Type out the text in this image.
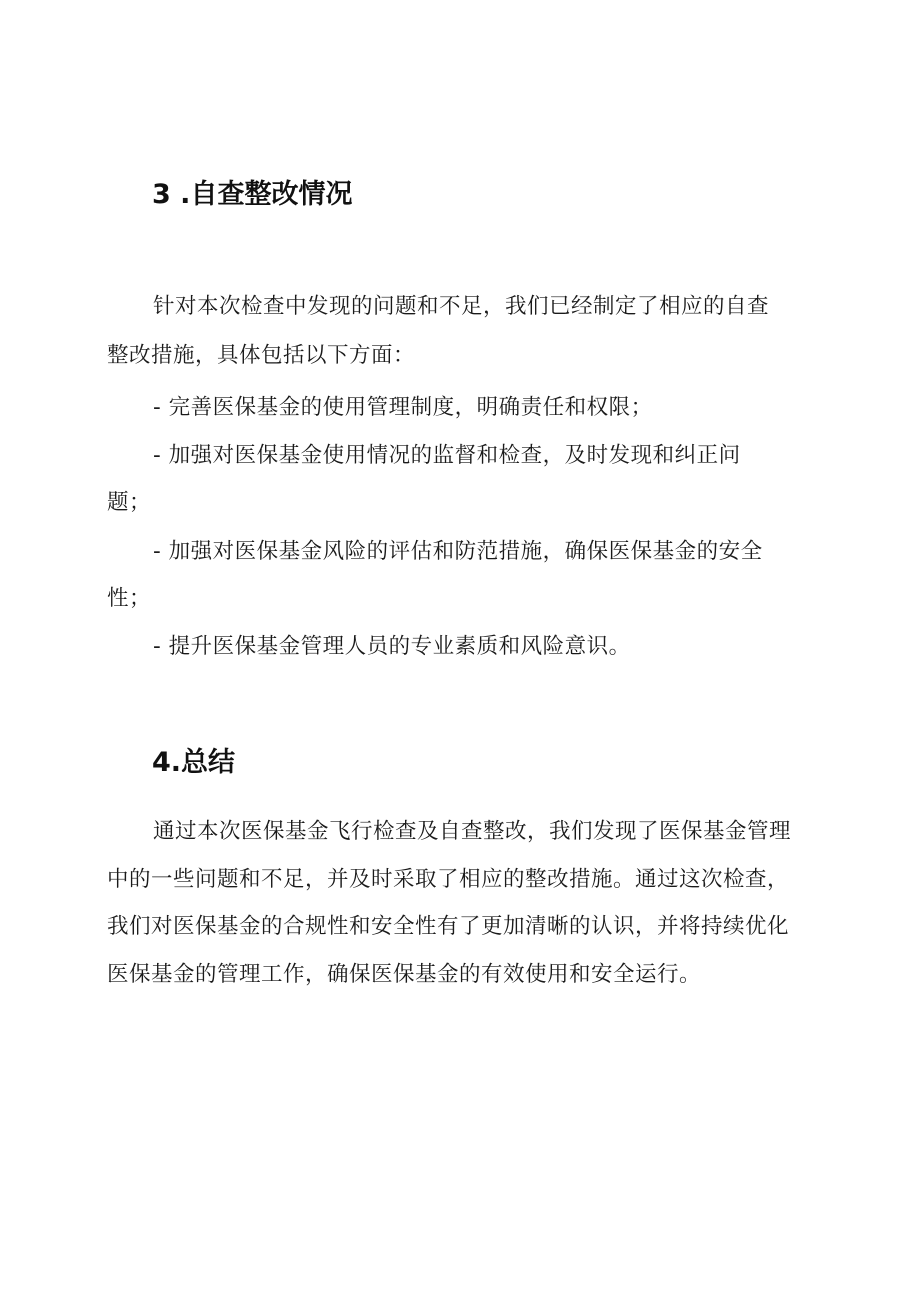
3 .自查整改情况
针对本次检查中发现的问题和不足，我们已经制定了相应的自查
整改措施，具体包括以下方面：
- 完善医保基金的使用管理制度，明确责任和权限；
- 加强对医保基金使用情况的监督和检查，及时发现和纠正问
题；
- 加强对医保基金风险的评估和防范措施，确保医保基金的安全
性；
- 提升医保基金管理人员的专业素质和风险意识。
4.总结
通过本次医保基金飞行检查及自查整改，我们发现了医保基金管理
中的一些问题和不足，并及时采取了相应的整改措施。通过这次检查，
我们对医保基金的合规性和安全性有了更加清晰的认识，并将持续优化
医保基金的管理工作，确保医保基金的有效使用和安全运行。
